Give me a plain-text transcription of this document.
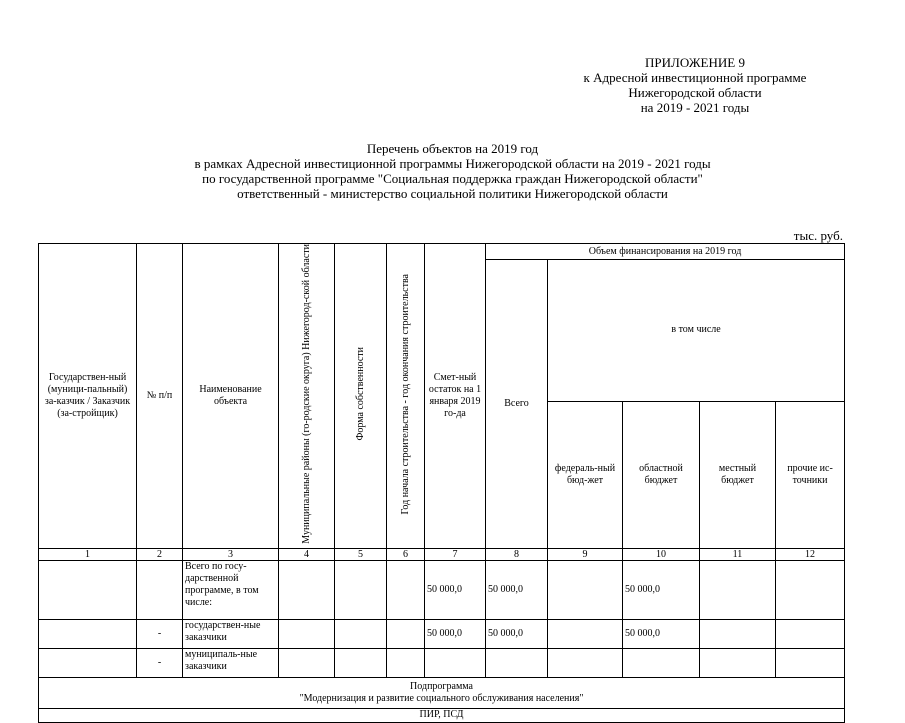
ПРИЛОЖЕНИЕ 9
к Адресной инвестиционной программе
Нижегородской области
на 2019 - 2021 годы
Перечень объектов на 2019 год
в рамках Адресной инвестиционной программы Нижегородской области на 2019 - 2021 годы
по государственной программе "Социальная поддержка граждан Нижегородской области"
ответственный - министерство социальной политики Нижегородской области
тыс. руб.
Государствен-ный (муници-пальный) за-казчик / Заказчик (за-стройщик)	№ п/п	Наименование объекта	Муниципальные районы (го-родские округа) Нижегород-ской области	Форма собственности	Год начала строительства - год окончания строительства	Смет-ный остаток на 1 января 2019 го-да	Объем финансирования на 2019 год				
							Всего	в том числе			
								федераль-ный бюд-жет	областной бюджет	местный бюджет	прочие ис-точники
1	2	3	4	5	6	7	8	9	10	11	12
		Всего по госу-дарственной программе, в том числе:				50 000,0	50 000,0		50 000,0		
	-	государствен-ные заказчики				50 000,0	50 000,0		50 000,0		
	-	муниципаль-ные заказчики									

Подпрограмма
"Модернизация и развитие социального обслуживания населения"											

ПИР, ПСД											
